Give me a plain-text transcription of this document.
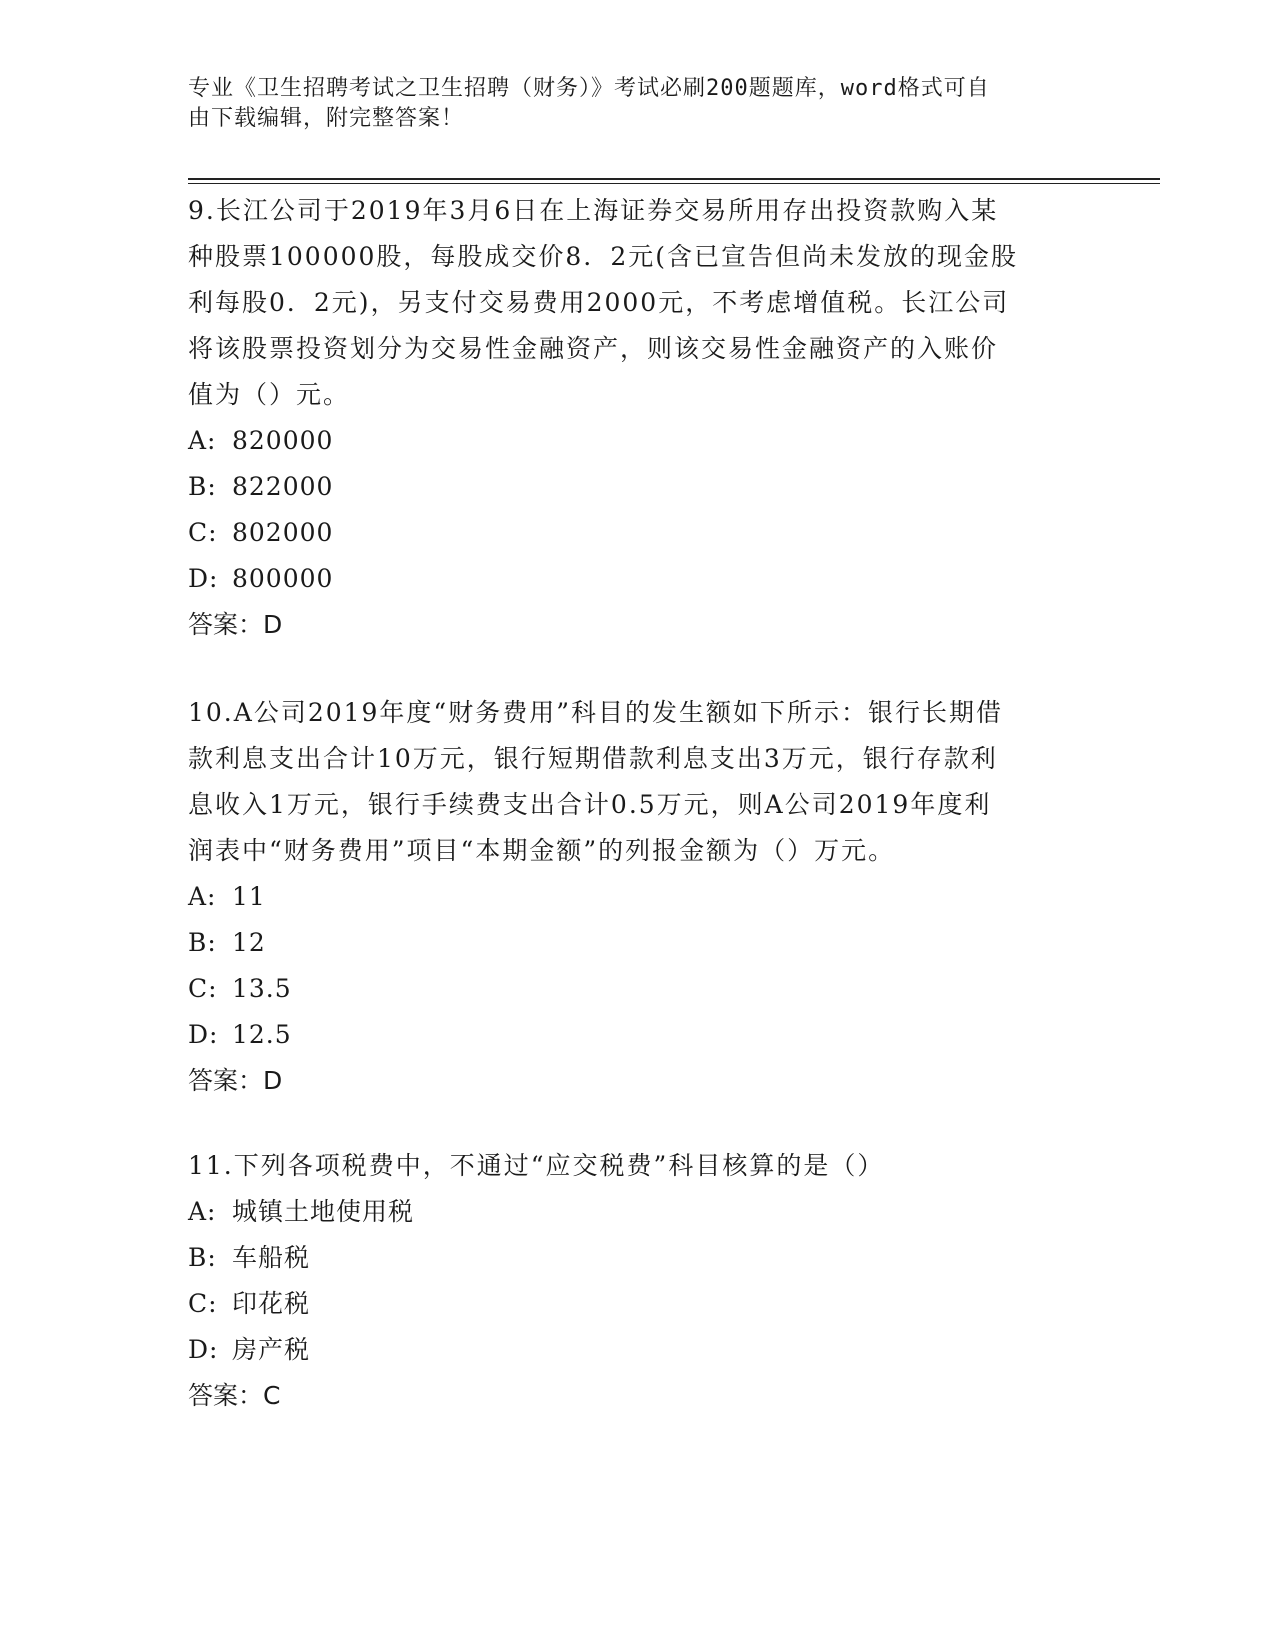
专业《卫生招聘考试之卫生招聘（财务）》考试必刷200题题库，word格式可自
由下载编辑，附完整答案！

9.长江公司于2019年3月6日在上海证券交易所用存出投资款购入某

种股票100000股，每股成交价8．2元(含已宣告但尚未发放的现金股

利每股0．2元)，另支付交易费用2000元，不考虑增值税。长江公司

将该股票投资划分为交易性金融资产，则该交易性金融资产的入账价

值为（）元。

A: 820000

B: 822000

C: 802000

D: 800000

答案：D

10.A公司2019年度“财务费用”科目的发生额如下所示：银行长期借

款利息支出合计10万元，银行短期借款利息支出3万元，银行存款利

息收入1万元，银行手续费支出合计0.5万元，则A公司2019年度利

润表中“财务费用”项目“本期金额”的列报金额为（）万元。

A: 11

B: 12

C: 13.5

D: 12.5

答案：D

11.下列各项税费中，不通过“应交税费”科目核算的是（）

A: 城镇土地使用税

B: 车船税

C: 印花税

D: 房产税

答案：C
